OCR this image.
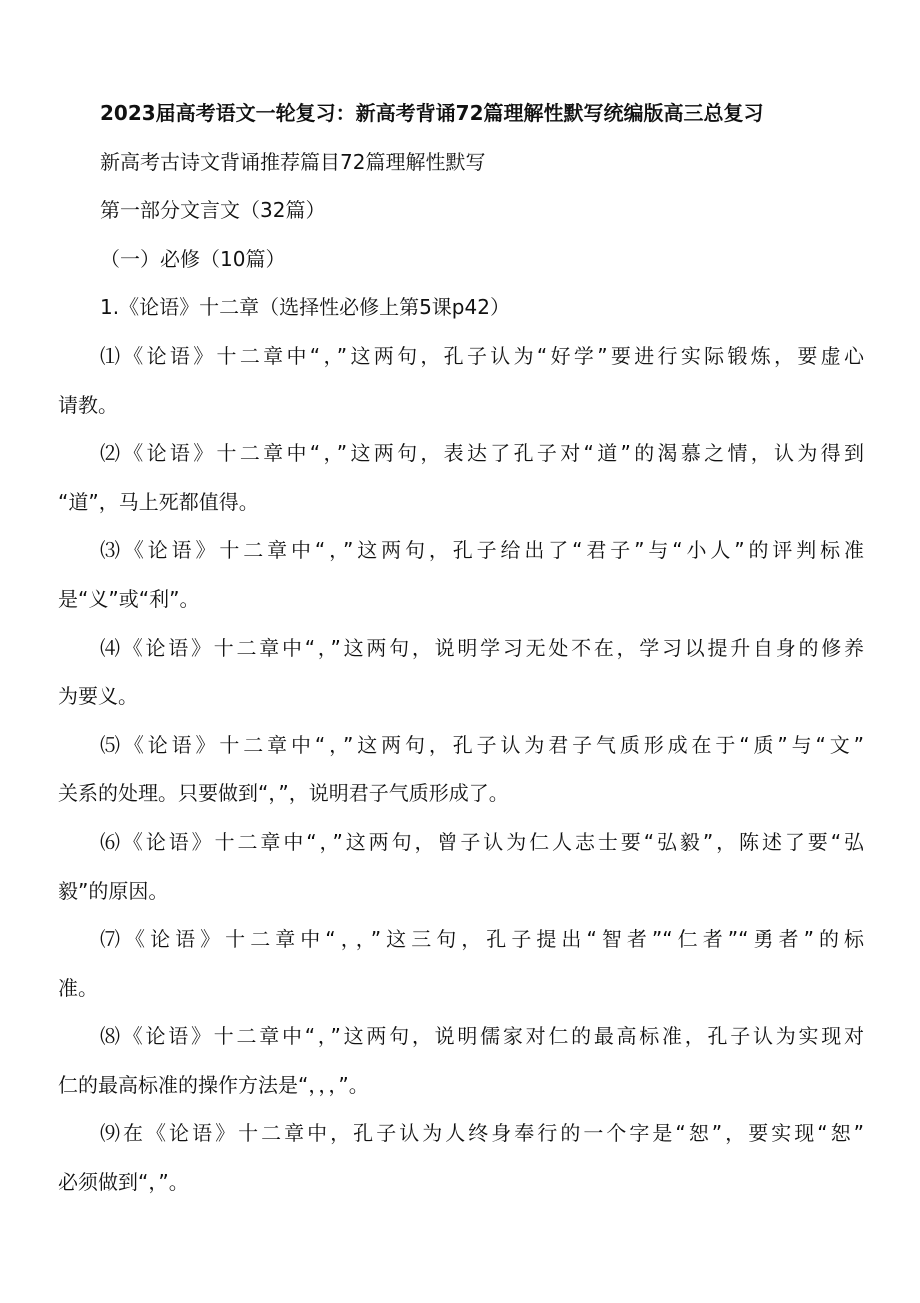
2023届高考语文一轮复习：新高考背诵72篇理解性默写统编版高三总复习
新高考古诗文背诵推荐篇目72篇理解性默写
第一部分文言文（32篇）
（一）必修（10篇）
1.《论语》十二章（选择性必修上第5课p42）
⑴《论语》十二章中“，”这两句，孔子认为“好学”要进行实际锻炼，要虚心
请教。
⑵《论语》十二章中“，”这两句，表达了孔子对“道”的渴慕之情，认为得到
“道”，马上死都值得。
⑶《论语》十二章中“，”这两句，孔子给出了“君子”与“小人”的评判标准
是“义”或“利”。
⑷《论语》十二章中“，”这两句，说明学习无处不在，学习以提升自身的修养
为要义。
⑸《论语》十二章中“，”这两句，孔子认为君子气质形成在于“质”与“文”
关系的处理。只要做到“，”，说明君子气质形成了。
⑹《论语》十二章中“，”这两句，曾子认为仁人志士要“弘毅”，陈述了要“弘
毅”的原因。
⑺《论语》十二章中“，，”这三句，孔子提出“智者”“仁者”“勇者”的标
准。
⑻《论语》十二章中“，”这两句，说明儒家对仁的最高标准，孔子认为实现对
仁的最高标准的操作方法是“，，，”。
⑼在《论语》十二章中，孔子认为人终身奉行的一个字是“恕”，要实现“恕”
必须做到“，”。
